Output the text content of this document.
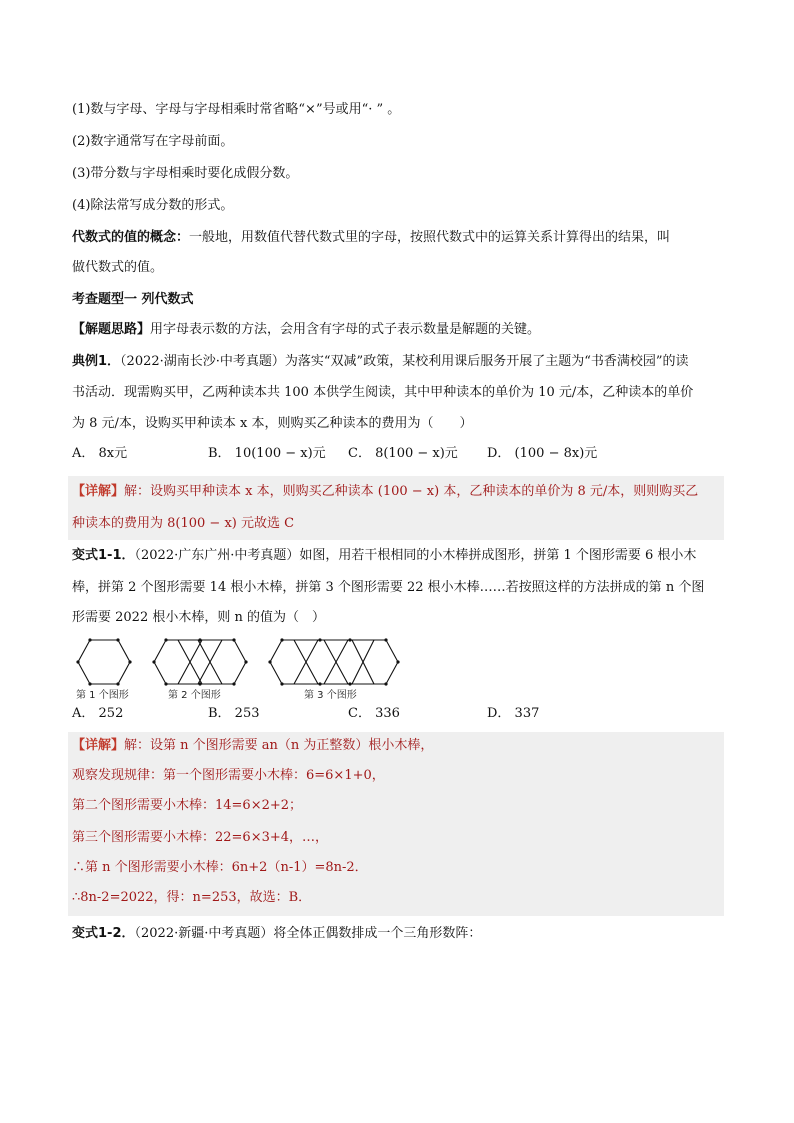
(1)数与字母、字母与字母相乘时常省略“×”号或用“· ” 。
(2)数字通常写在字母前面。
(3)带分数与字母相乘时要化成假分数。
(4)除法常写成分数的形式。
代数式的值的概念：一般地，用数值代替代数式里的字母，按照代数式中的运算关系计算得出的结果，叫
做代数式的值。
考查题型一 列代数式
【解题思路】用字母表示数的方法，会用含有字母的式子表示数量是解题的关键。
典例1．（2022·湖南长沙·中考真题）为落实“双减”政策，某校利用课后服务开展了主题为“书香满校园”的读
书活动．现需购买甲，乙两种读本共 100 本供学生阅读，其中甲种读本的单价为 10 元/本，乙种读本的单价
为 8 元/本，设购买甲种读本 x 本，则购买乙种读本的费用为（　　）
A． 8x元	B． 10(100 − x)元 C． 8(100 − x)元 D． (100 − 8x)元
【详解】解：设购买甲种读本 x 本，则购买乙种读本 (100 − x) 本，乙种读本的单价为 8 元/本，则则购买乙
种读本的费用为 8(100 − x) 元故选 C
变式1-1．（2022·广东广州·中考真题）如图，用若干根相同的小木棒拼成图形，拼第 1 个图形需要 6 根小木
棒，拼第 2 个图形需要 14 根小木棒，拼第 3 个图形需要 22 根小木棒……若按照这样的方法拼成的第 n 个图
形需要 2022 根小木棒，则 n 的值为（　）
第 1 个图形	第 2 个图形	第 3 个图形
A． 252	B． 253	C． 336	D． 337
【详解】解：设第 n 个图形需要 an（n 为正整数）根小木棒，
观察发现规律：第一个图形需要小木棒：6=6×1+0，
第二个图形需要小木棒：14=6×2+2；
第三个图形需要小木棒：22=6×3+4，…，
∴第 n 个图形需要小木棒：6n+2（n-1）=8n-2．
∴8n-2=2022，得：n=253，故选：B．
变式1-2．（2022·新疆·中考真题）将全体正偶数排成一个三角形数阵：
